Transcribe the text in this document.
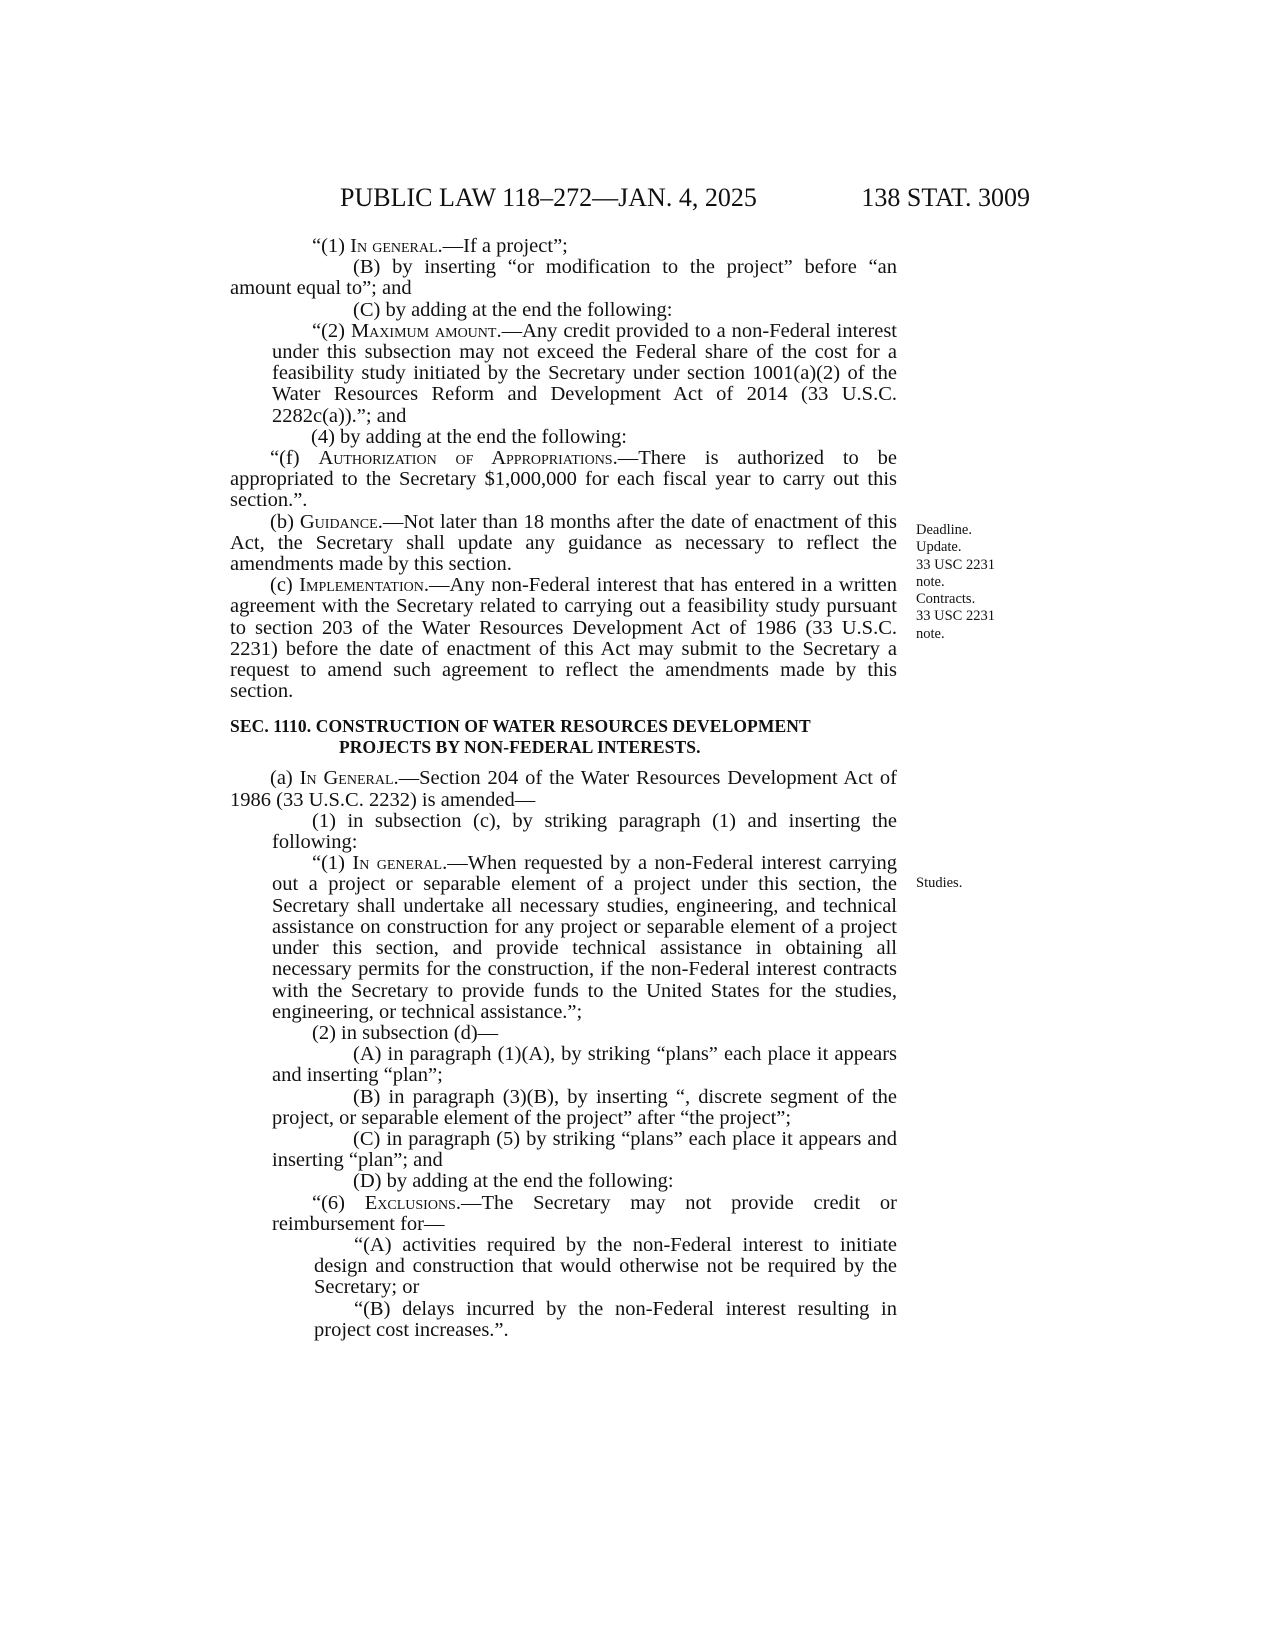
PUBLIC LAW 118–272—JAN. 4, 2025	138 STAT. 3009

“(1) In general.—If a project”;

(B) by inserting “or modification to the project” before “an amount equal to”; and

(C) by adding at the end the following:

“(2) Maximum amount.—Any credit provided to a non-Federal interest under this subsection may not exceed the Federal share of the cost for a feasibility study initiated by the Secretary under section 1001(a)(2) of the Water Resources Reform and Development Act of 2014 (33 U.S.C. 2282c(a)).”; and

(4) by adding at the end the following:

“(f) Authorization of Appropriations.—There is authorized to be appropriated to the Secretary $1,000,000 for each fiscal year to carry out this section.”.

(b) Guidance.—Not later than 18 months after the date of enactment of this Act, the Secretary shall update any guidance as necessary to reflect the amendments made by this section.

(c) Implementation.—Any non-Federal interest that has entered in a written agreement with the Secretary related to carrying out a feasibility study pursuant to section 203 of the Water Resources Development Act of 1986 (33 U.S.C. 2231) before the date of enactment of this Act may submit to the Secretary a request to amend such agreement to reflect the amendments made by this section.

SEC. 1110. CONSTRUCTION OF WATER RESOURCES DEVELOPMENT
PROJECTS BY NON-FEDERAL INTERESTS.

(a) In General.—Section 204 of the Water Resources Development Act of 1986 (33 U.S.C. 2232) is amended—

(1) in subsection (c), by striking paragraph (1) and inserting the following:

“(1) In general.—When requested by a non-Federal interest carrying out a project or separable element of a project under this section, the Secretary shall undertake all necessary studies, engineering, and technical assistance on construction for any project or separable element of a project under this section, and provide technical assistance in obtaining all necessary permits for the construction, if the non-Federal interest contracts with the Secretary to provide funds to the United States for the studies, engineering, or technical assistance.”;

(2) in subsection (d)—

(A) in paragraph (1)(A), by striking “plans” each place it appears and inserting “plan”;

(B) in paragraph (3)(B), by inserting “, discrete segment of the project, or separable element of the project” after “the project”;

(C) in paragraph (5) by striking “plans” each place it appears and inserting “plan”; and

(D) by adding at the end the following:

“(6) Exclusions.—The Secretary may not provide credit or reimbursement for—

“(A) activities required by the non-Federal interest to initiate design and construction that would otherwise not be required by the Secretary; or

“(B) delays incurred by the non-Federal interest resulting in project cost increases.”.

Deadline.
Update.
33 USC 2231
note.
Contracts.
33 USC 2231
note.
Studies.
